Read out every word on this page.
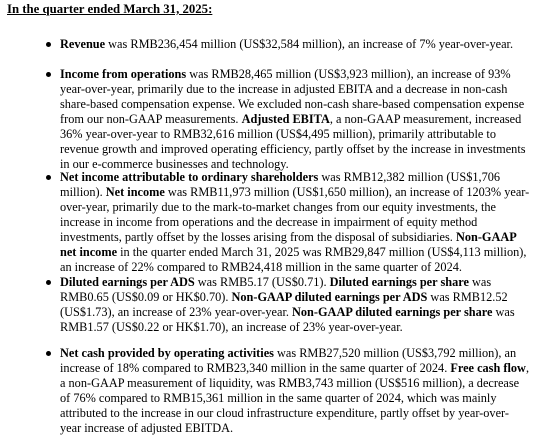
In the quarter ended March 31, 2025:
Revenue was RMB236,454 million (US$32,584 million), an increase of 7% year-over-year.
Income from operations was RMB28,465 million (US$3,923 million), an increase of 93% year-over-year, primarily due to the increase in adjusted EBITA and a decrease in non-cash share-based compensation expense. We excluded non-cash share-based compensation expense from our non-GAAP measurements. Adjusted EBITA, a non-GAAP measurement, increased 36% year-over-year to RMB32,616 million (US$4,495 million), primarily attributable to revenue growth and improved operating efficiency, partly offset by the increase in investments in our e-commerce businesses and technology.
Net income attributable to ordinary shareholders was RMB12,382 million (US$1,706 million). Net income was RMB11,973 million (US$1,650 million), an increase of 1203% year-over-year, primarily due to the mark-to-market changes from our equity investments, the increase in income from operations and the decrease in impairment of equity method investments, partly offset by the losses arising from the disposal of subsidiaries. Non-GAAP net income in the quarter ended March 31, 2025 was RMB29,847 million (US$4,113 million), an increase of 22% compared to RMB24,418 million in the same quarter of 2024.
Diluted earnings per ADS was RMB5.17 (US$0.71). Diluted earnings per share was RMB0.65 (US$0.09 or HK$0.70). Non-GAAP diluted earnings per ADS was RMB12.52 (US$1.73), an increase of 23% year-over-year. Non-GAAP diluted earnings per share was RMB1.57 (US$0.22 or HK$1.70), an increase of 23% year-over-year.
Net cash provided by operating activities was RMB27,520 million (US$3,792 million), an increase of 18% compared to RMB23,340 million in the same quarter of 2024. Free cash flow, a non-GAAP measurement of liquidity, was RMB3,743 million (US$516 million), a decrease of 76% compared to RMB15,361 million in the same quarter of 2024, which was mainly attributed to the increase in our cloud infrastructure expenditure, partly offset by year-over-year increase of adjusted EBITDA.
